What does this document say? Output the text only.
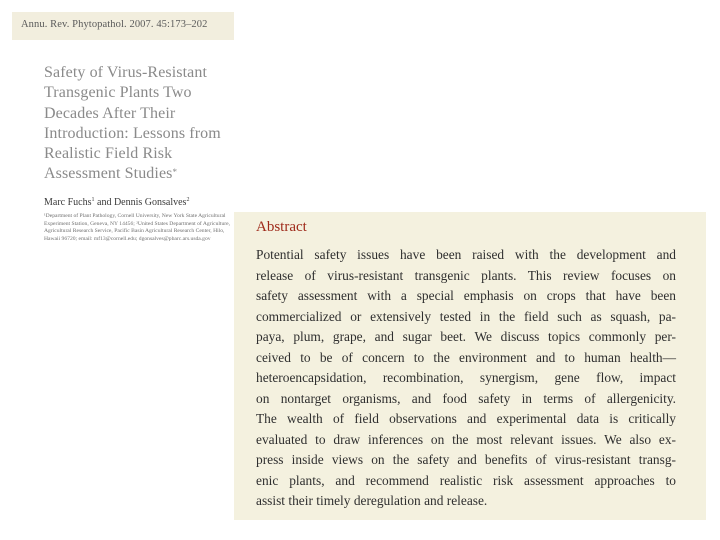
Annu. Rev. Phytopathol. 2007. 45:173–202
Safety of Virus-Resistant
Transgenic Plants Two
Decades After Their
Introduction: Lessons from
Realistic Field Risk
Assessment Studies*
Marc Fuchs$^1$ and Dennis Gonsalves$^2$
¹Department of Plant Pathology, Cornell University, New York State Agricultural
Experiment Station, Geneva, NY 14456; ²United States Department of Agriculture,
Agricultural Research Service, Pacific Basin Agricultural Research Center, Hilo,
Hawaii 96720; email: mf13@cornell.edu; dgonsalves@pbarc.ars.usda.gov
Abstract
Potential safety issues have been raised with the development and
release of virus-resistant transgenic plants. This review focuses on
safety assessment with a special emphasis on crops that have been
commercialized or extensively tested in the field such as squash, pa-
paya, plum, grape, and sugar beet. We discuss topics commonly per-
ceived to be of concern to the environment and to human health—
heteroencapsidation, recombination, synergism, gene flow, impact
on nontarget organisms, and food safety in terms of allergenicity.
The wealth of field observations and experimental data is critically
evaluated to draw inferences on the most relevant issues. We also ex-
press inside views on the safety and benefits of virus-resistant transg-
enic plants, and recommend realistic risk assessment approaches to
assist their timely deregulation and release.
